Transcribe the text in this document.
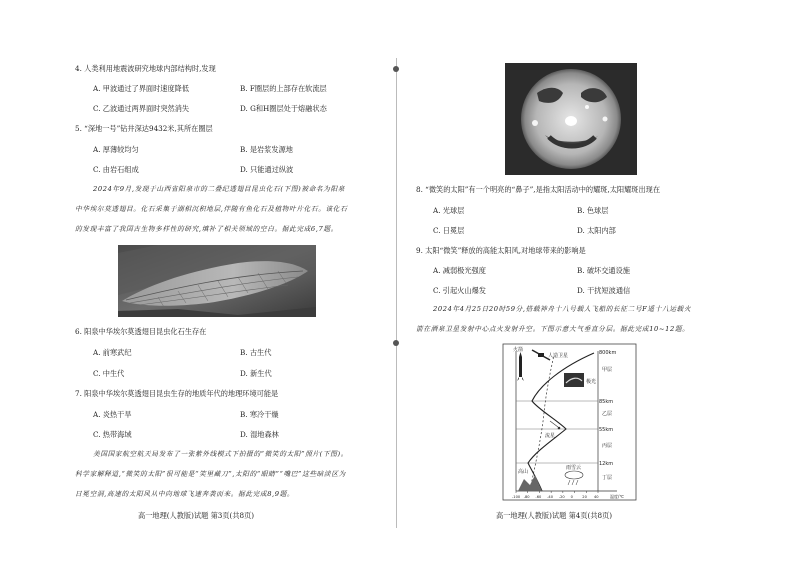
4. 人类利用地震波研究地球内部结构时,发现
A. 甲波通过了界面时速度降低	B. F圈层的上部存在软流层
C. 乙波通过两界面时突然消失	D. G和H圈层处于熔融状态
5. “深地一号”钻井深达9432米,其所在圈层
A. 厚薄较均匀	B. 是岩浆发源地
C. 由岩石组成	D. 只能通过纵波
2024年9月,发现于山西省阳泉市的二叠纪透翅目昆虫化石(下图)被命名为阳泉
中华埃尔莫透翅目。化石采集于湖相沉积地层,伴随有鱼化石及植物叶片化石。该化石
的发现丰富了我国古生物多样性的研究,填补了相关领域的空白。据此完成6,7题。
6. 阳泉中华埃尔莫透翅目昆虫化石生存在
A. 前寒武纪	B. 古生代
C. 中生代	D. 新生代
7. 阳泉中华埃尔莫透翅目昆虫生存的地质年代的地理环境可能是
A. 炎热干旱	B. 寒冷干燥
C. 热带海域	D. 湿地森林
美国国家航空航天局发布了一张紫外线模式下拍摄的“微笑的太阳”照片(下图)。
科学家解释道,“微笑的太阳”很可能是“笑里藏刀”,太阳的“眼睛”“嘴巴”这些暗淡区为
日冕空洞,高速的太阳风从中向地球飞速奔袭而来。据此完成8,9题。
高一地理(人教版)试题 第3页(共8页)
8. “微笑的太阳”有一个明亮的“鼻子”,是指太阳活动中的耀斑,太阳耀斑出现在
A. 光球层	B. 色球层
C. 日冕层	D. 太阳内部
9. 太阳“微笑”释放的高能太阳风,对地球带来的影响是
A. 减弱极光强度	B. 破坏交通设施
C. 引起火山爆发	D. 干扰短波通信
2024年4月25日20时59分,搭载神舟十八号载人飞船的长征二号F遥十八运载火
箭在酒泉卫星发射中心点火发射升空。下图示意大气垂直分层。据此完成10~12题。
火箭
人造卫星
极光
流星
高山
雨雪云
甲层
乙层
丙层
丁层
800km
85km
55km
12km
-100 -80 -60 -40 -20 0	20 40	温度/℃
高一地理(人教版)试题 第4页(共8页)
